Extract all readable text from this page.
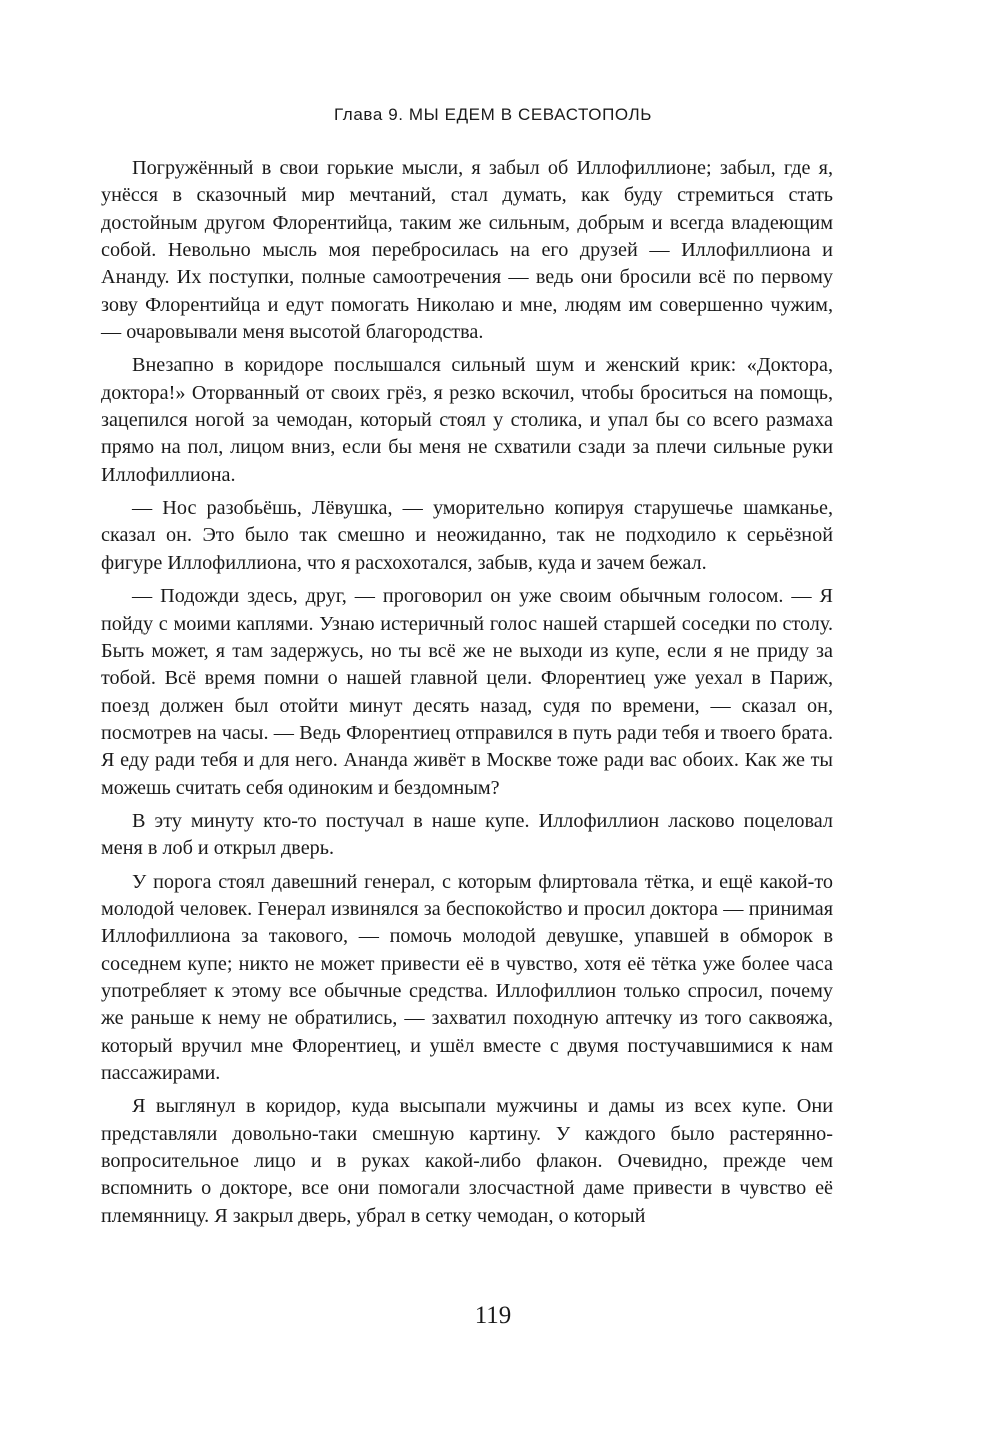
Глава 9. МЫ ЕДЕМ В СЕВАСТОПОЛЬ

Погружённый в свои горькие мысли, я забыл об Иллофиллионе; забыл, где я, унёсся в сказочный мир мечтаний, стал думать, как буду стремиться стать достойным другом Флорентийца, таким же сильным, добрым и всегда владеющим собой. Невольно мысль моя перебросилась на его друзей — Иллофиллиона и Ананду. Их поступки, полные самоотречения — ведь они бросили всё по первому зову Флорентийца и едут помогать Николаю и мне, людям им совершенно чужим, — очаровывали меня высотой благородства.

Внезапно в коридоре послышался сильный шум и женский крик: «Доктора, доктора!» Оторванный от своих грёз, я резко вскочил, чтобы броситься на помощь, зацепился ногой за чемодан, который стоял у столика, и упал бы со всего размаха прямо на пол, лицом вниз, если бы меня не схватили сзади за плечи сильные руки Иллофиллиона.

— Нос разобьёшь, Лёвушка, — уморительно копируя старушечье шамканье, сказал он. Это было так смешно и неожиданно, так не подходило к серьёзной фигуре Иллофиллиона, что я расхохотался, забыв, куда и зачем бежал.

— Подожди здесь, друг, — проговорил он уже своим обычным голосом. — Я пойду с моими каплями. Узнаю истеричный голос нашей старшей соседки по столу. Быть может, я там задержусь, но ты всё же не выходи из купе, если я не приду за тобой. Всё время помни о нашей главной цели. Флорентиец уже уехал в Париж, поезд должен был отойти минут десять назад, судя по времени, — сказал он, посмотрев на часы. — Ведь Флорентиец отправился в путь ради тебя и твоего брата. Я еду ради тебя и для него. Ананда живёт в Москве тоже ради вас обоих. Как же ты можешь считать себя одиноким и бездомным?

В эту минуту кто-то постучал в наше купе. Иллофиллион ласково поцеловал меня в лоб и открыл дверь.

У порога стоял давешний генерал, с которым флиртовала тётка, и ещё какой-то молодой человек. Генерал извинялся за беспокойство и просил доктора — принимая Иллофиллиона за такового, — помочь молодой девушке, упавшей в обморок в соседнем купе; никто не может привести её в чувство, хотя её тётка уже более часа употребляет к этому все обычные средства. Иллофиллион только спросил, почему же раньше к нему не обратились, — захватил походную аптечку из того саквояжа, который вручил мне Флорентиец, и ушёл вместе с двумя постучавшимися к нам пассажирами.

Я выглянул в коридор, куда высыпали мужчины и дамы из всех купе. Они представляли довольно-таки смешную картину. У каждого было растерянно-вопросительное лицо и в руках какой-либо флакон. Очевидно, прежде чем вспомнить о докторе, все они помогали злосчастной даме привести в чувство её племянницу. Я закрыл дверь, убрал в сетку чемодан, о который

119
